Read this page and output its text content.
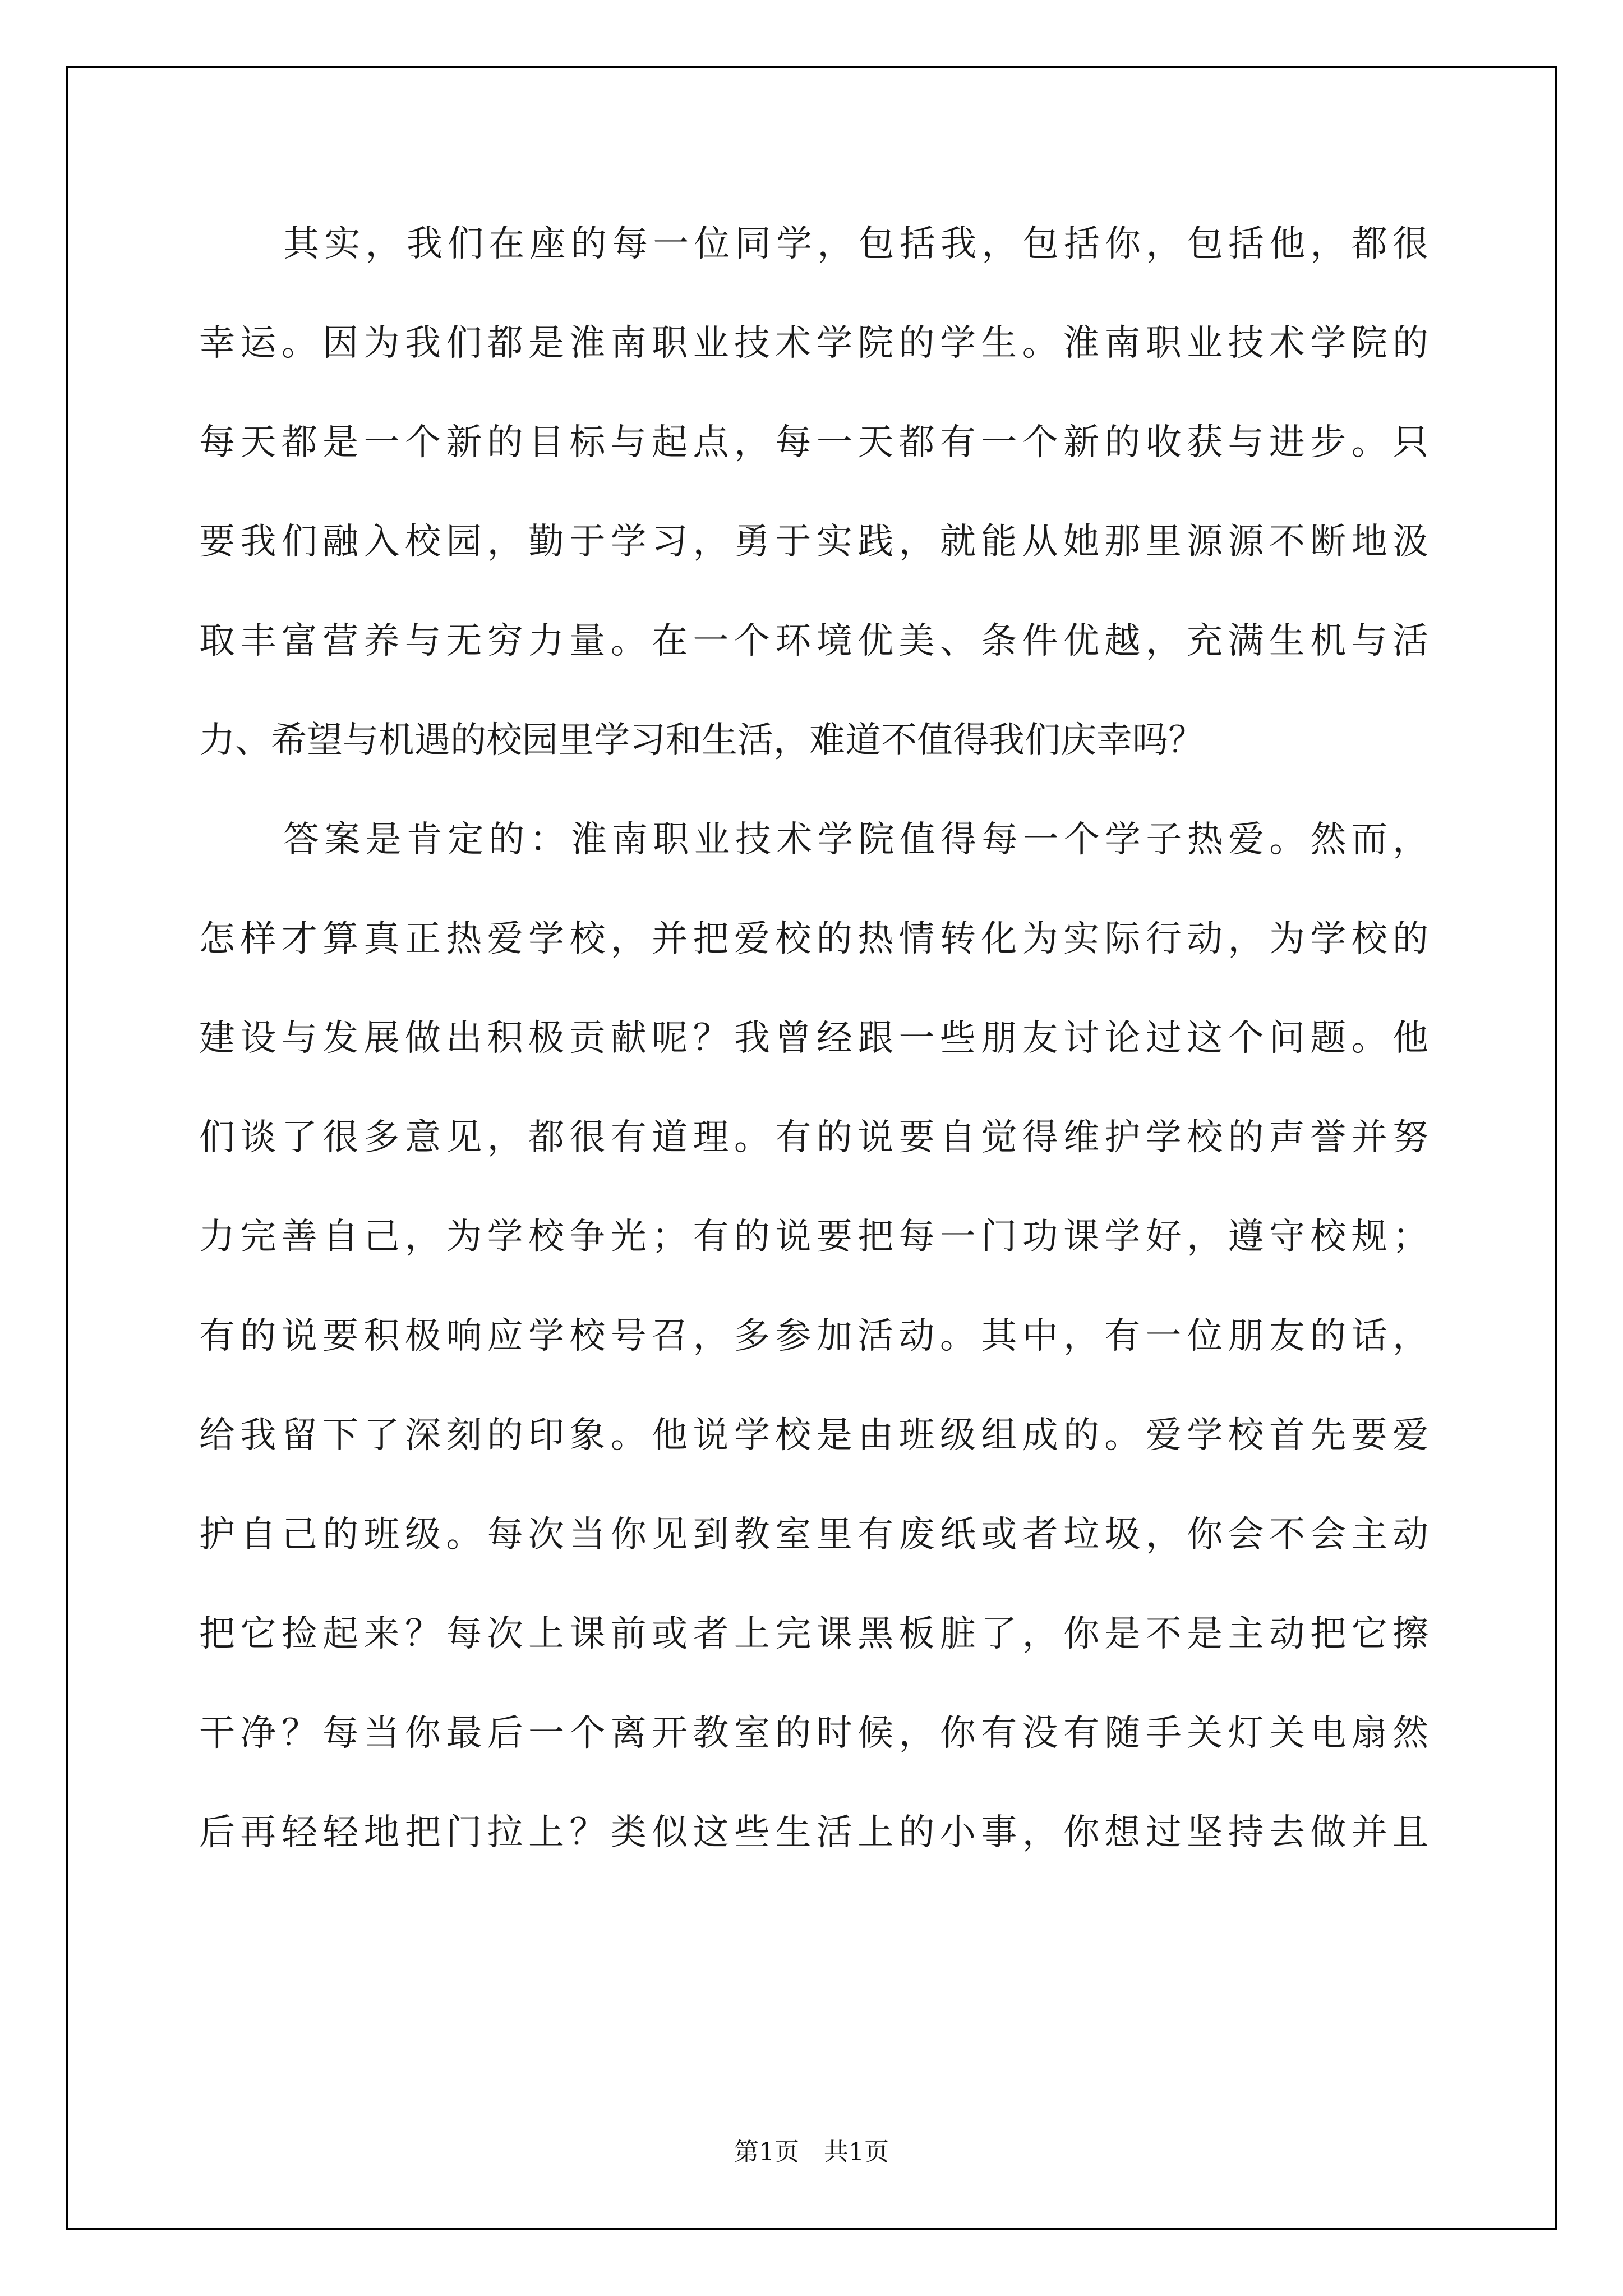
其实，我们在座的每一位同学，包括我，包括你，包括他，都很
幸运。因为我们都是淮南职业技术学院的学生。淮南职业技术学院的
每天都是一个新的目标与起点，每一天都有一个新的收获与进步。只
要我们融入校园，勤于学习，勇于实践，就能从她那里源源不断地汲
取丰富营养与无穷力量。在一个环境优美、条件优越，充满生机与活
力、希望与机遇的校园里学习和生活，难道不值得我们庆幸吗？
答案是肯定的：淮南职业技术学院值得每一个学子热爱。然而，
怎样才算真正热爱学校，并把爱校的热情转化为实际行动，为学校的
建设与发展做出积极贡献呢？我曾经跟一些朋友讨论过这个问题。他
们谈了很多意见，都很有道理。有的说要自觉得维护学校的声誉并努
力完善自己，为学校争光；有的说要把每一门功课学好，遵守校规；
有的说要积极响应学校号召，多参加活动。其中，有一位朋友的话，
给我留下了深刻的印象。他说学校是由班级组成的。爱学校首先要爱
护自己的班级。每次当你见到教室里有废纸或者垃圾，你会不会主动
把它捡起来？每次上课前或者上完课黑板脏了，你是不是主动把它擦
干净？每当你最后一个离开教室的时候，你有没有随手关灯关电扇然
后再轻轻地把门拉上？类似这些生活上的小事，你想过坚持去做并且
第1页　共1页
